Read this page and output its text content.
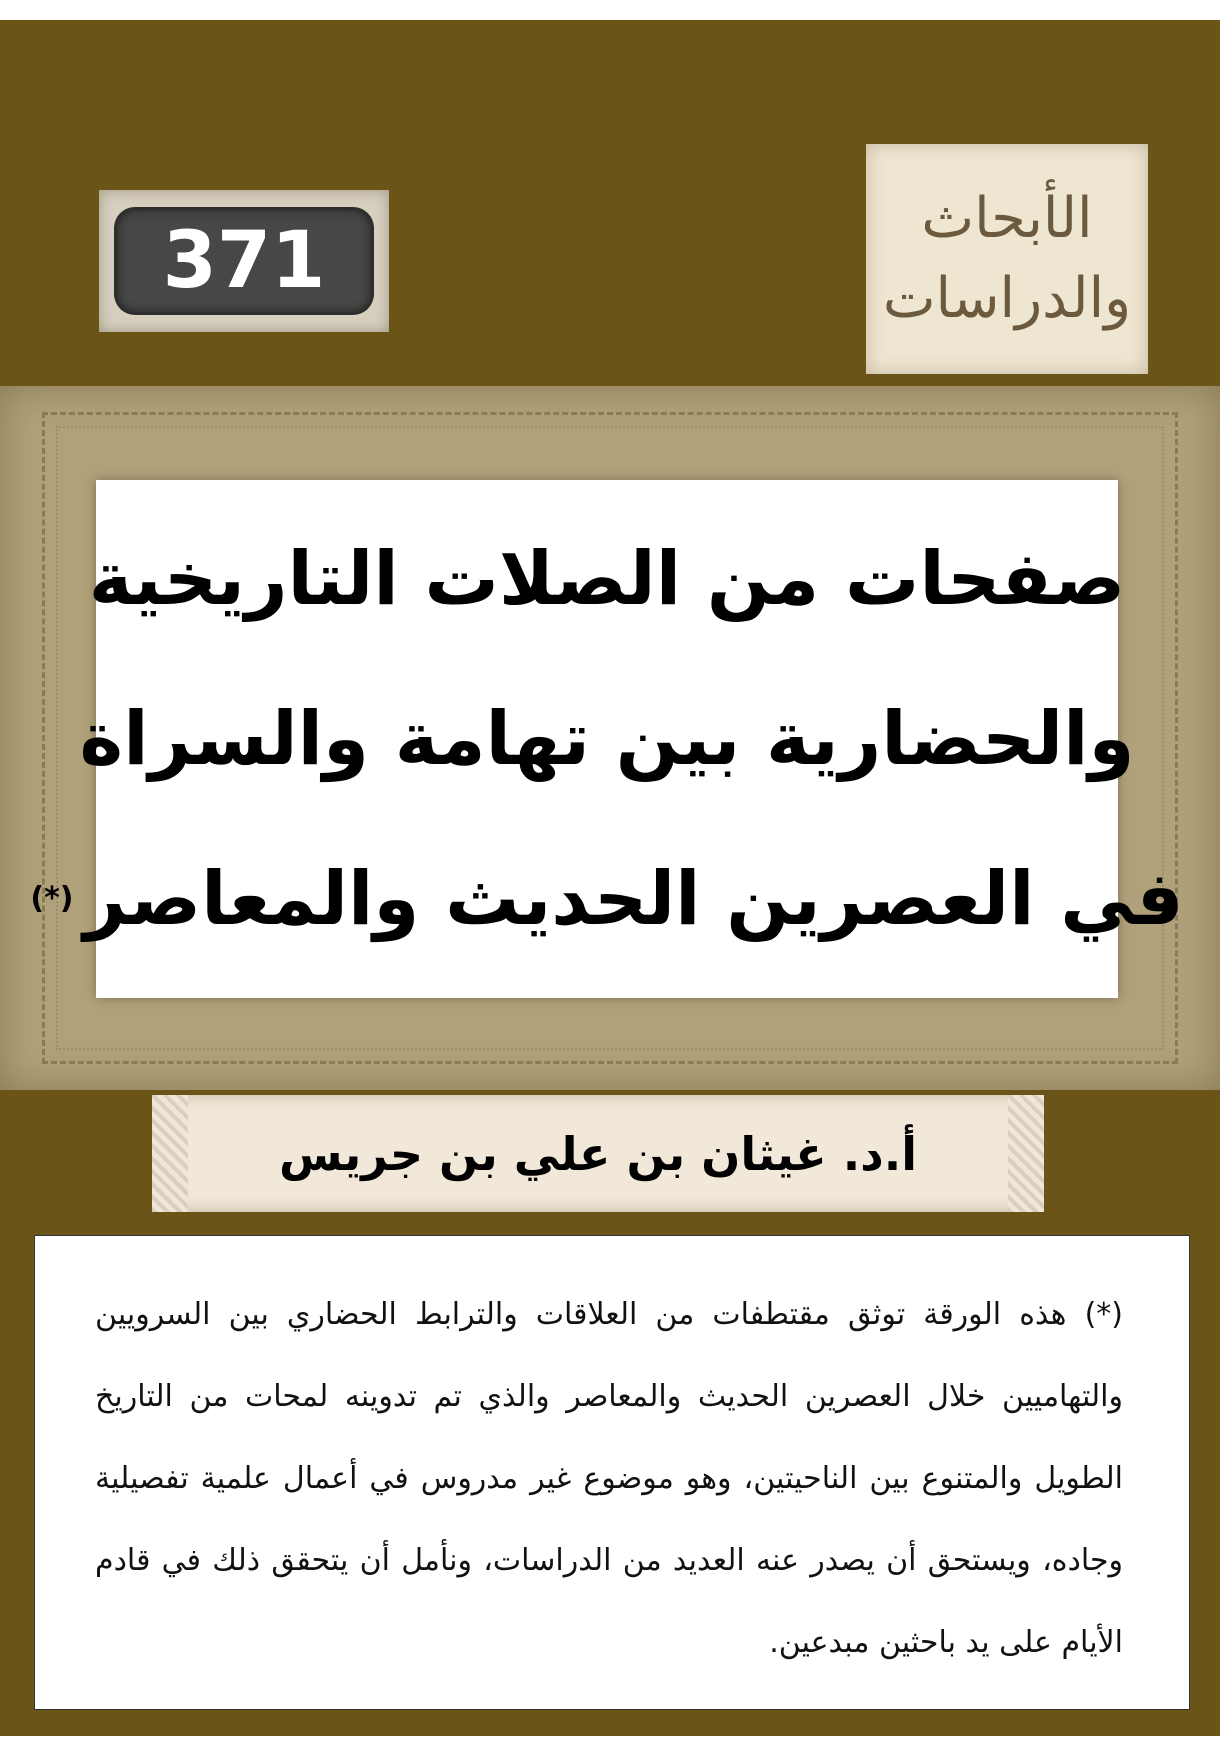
الأبحاث
والدراسات
371
صفحات من الصلات التاريخية
والحضارية بين تهامة والسراة
في العصرين الحديث والمعاصر(*)
أ.د. غيثان بن علي بن جريس
(*) هذه الورقة توثق مقتطفات من العلاقات والترابط الحضاري بين السرويين والتهاميين خلال العصرين الحديث والمعاصر والذي تم تدوينه لمحات من التاريخ الطويل والمتنوع بين الناحيتين، وهو موضوع غير مدروس في أعمال علمية تفصيلية وجاده، ويستحق أن يصدر عنه العديد من الدراسات، ونأمل أن يتحقق ذلك في قادم الأيام على يد باحثين مبدعين.
